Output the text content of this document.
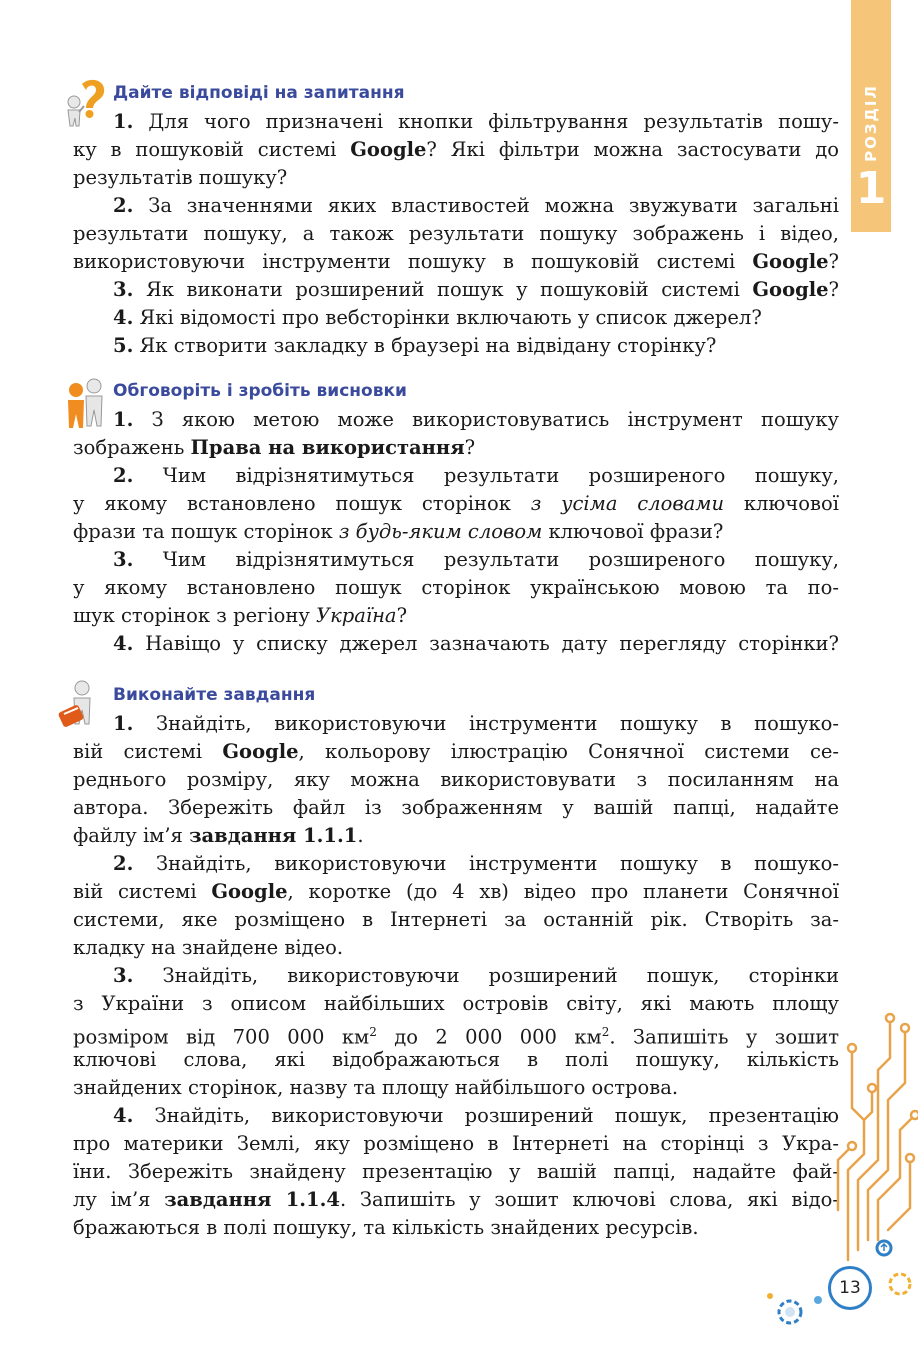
РОЗДІЛ
1
Дайте відповіді на запитання
1. Для чого призначені кнопки фільтрування результатів пошу-
ку в пошуковій системі Google? Які фільтри можна застосувати до
результатів пошуку?
2. За значеннями яких властивостей можна звужувати загальні
результати пошуку, а також результати пошуку зображень і відео,
використовуючи інструменти пошуку в пошуковій системі Google?
3. Як виконати розширений пошук у пошуковій системі Google?
4. Які відомості про вебсторінки включають у список джерел?
5. Як створити закладку в браузері на відвідану сторінку?
Обговоріть і зробіть висновки
1. З якою метою може використовуватись інструмент пошуку
зображень Права на використання?
2. Чим відрізнятимуться результати розширеного пошуку,
у якому встановлено пошук сторінок з усіма словами ключової
фрази та пошук сторінок з будь-яким словом ключової фрази?
3. Чим відрізнятимуться результати розширеного пошуку,
у якому встановлено пошук сторінок українською мовою та по-
шук сторінок з регіону Україна?
4. Навіщо у списку джерел зазначають дату перегляду сторінки?
Виконайте завдання
1. Знайдіть, використовуючи інструменти пошуку в пошуко-
вій системі Google, кольорову ілюстрацію Сонячної системи се-
реднього розміру, яку можна використовувати з посиланням на
автора. Збережіть файл із зображенням у вашій папці, надайте
файлу ім’я завдання 1.1.1.
2. Знайдіть, використовуючи інструменти пошуку в пошуко-
вій системі Google, коротке (до 4 хв) відео про планети Сонячної
системи, яке розміщено в Інтернеті за останній рік. Створіть за-
кладку на знайдене відео.
3. Знайдіть, використовуючи розширений пошук, сторінки
з України з описом найбільших островів світу, які мають площу
розміром від 700 000 $км^2$ до 2 000 000 $км^2$. Запишіть у зошит
ключові слова, які відображаються в полі пошуку, кількість
знайдених сторінок, назву та площу найбільшого острова.
4. Знайдіть, використовуючи розширений пошук, презентацію
про материки Землі, яку розміщено в Інтернеті на сторінці з Укра-
їни. Збережіть знайдену презентацію у вашій папці, надайте фай-
лу ім’я завдання 1.1.4. Запишіть у зошит ключові слова, які відо-
бражаються в полі пошуку, та кількість знайдених ресурсів.
13
